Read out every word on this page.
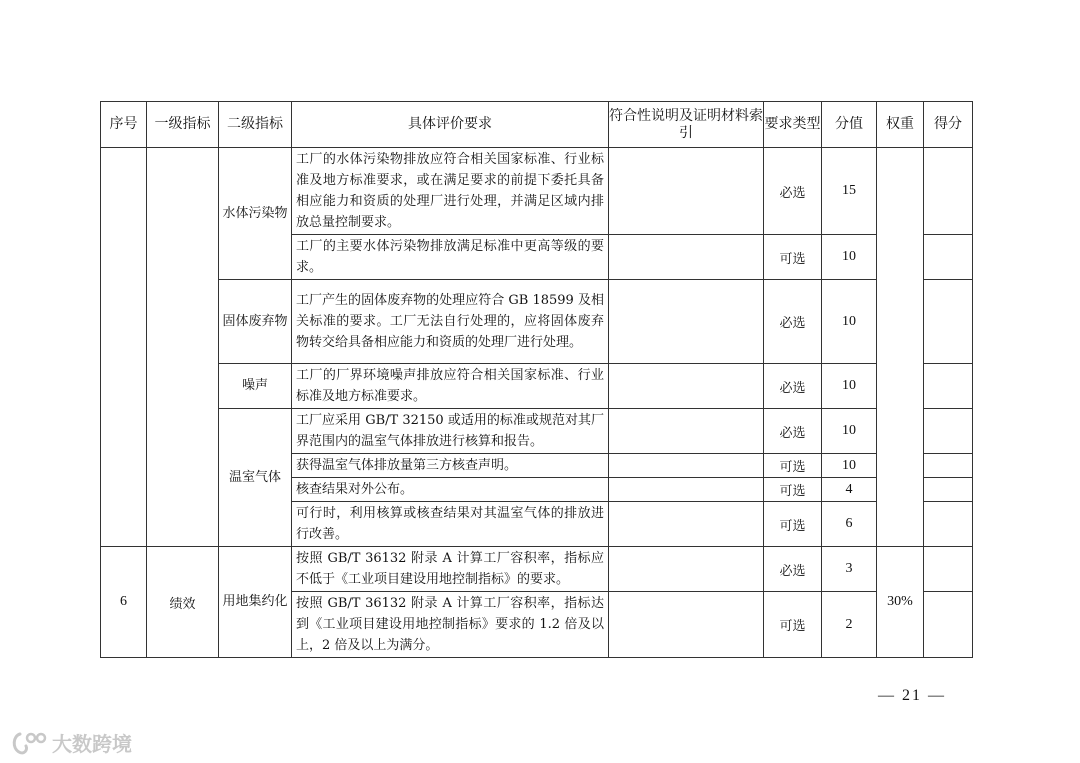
序号	一级指标	二级指标	具体评价要求	符合性说明及证明材料索引	要求类型	分值	权重	得分
		水体污染物	工厂的水体污染物排放应符合相关国家标准、行业标准及地方标准要求，或在满足要求的前提下委托具备相应能力和资质的处理厂进行处理，并满足区域内排放总量控制要求。		必选	15		
			工厂的主要水体污染物排放满足标准中更高等级的要求。		可选	10		
		固体废弃物	工厂产生的固体废弃物的处理应符合 GB 18599 及相关标准的要求。工厂无法自行处理的，应将固体废弃物转交给具备相应能力和资质的处理厂进行处理。		必选	10		
		噪声	工厂的厂界环境噪声排放应符合相关国家标准、行业标准及地方标准要求。		必选	10		
		温室气体	工厂应采用 GB/T 32150 或适用的标准或规范对其厂界范围内的温室气体排放进行核算和报告。		必选	10		
			获得温室气体排放量第三方核查声明。		可选	10		
			核查结果对外公布。		可选	4		
			可行时，利用核算或核查结果对其温室气体的排放进行改善。		可选	6		
6	绩效	用地集约化	按照 GB/T 36132 附录 A 计算工厂容积率，指标应不低于《工业项目建设用地控制指标》的要求。		必选	3	30%	
			按照 GB/T 36132 附录 A 计算工厂容积率，指标达到《工业项目建设用地控制指标》要求的 1.2 倍及以上，2 倍及以上为满分。		可选	2		
— 21 —
大数跨境
